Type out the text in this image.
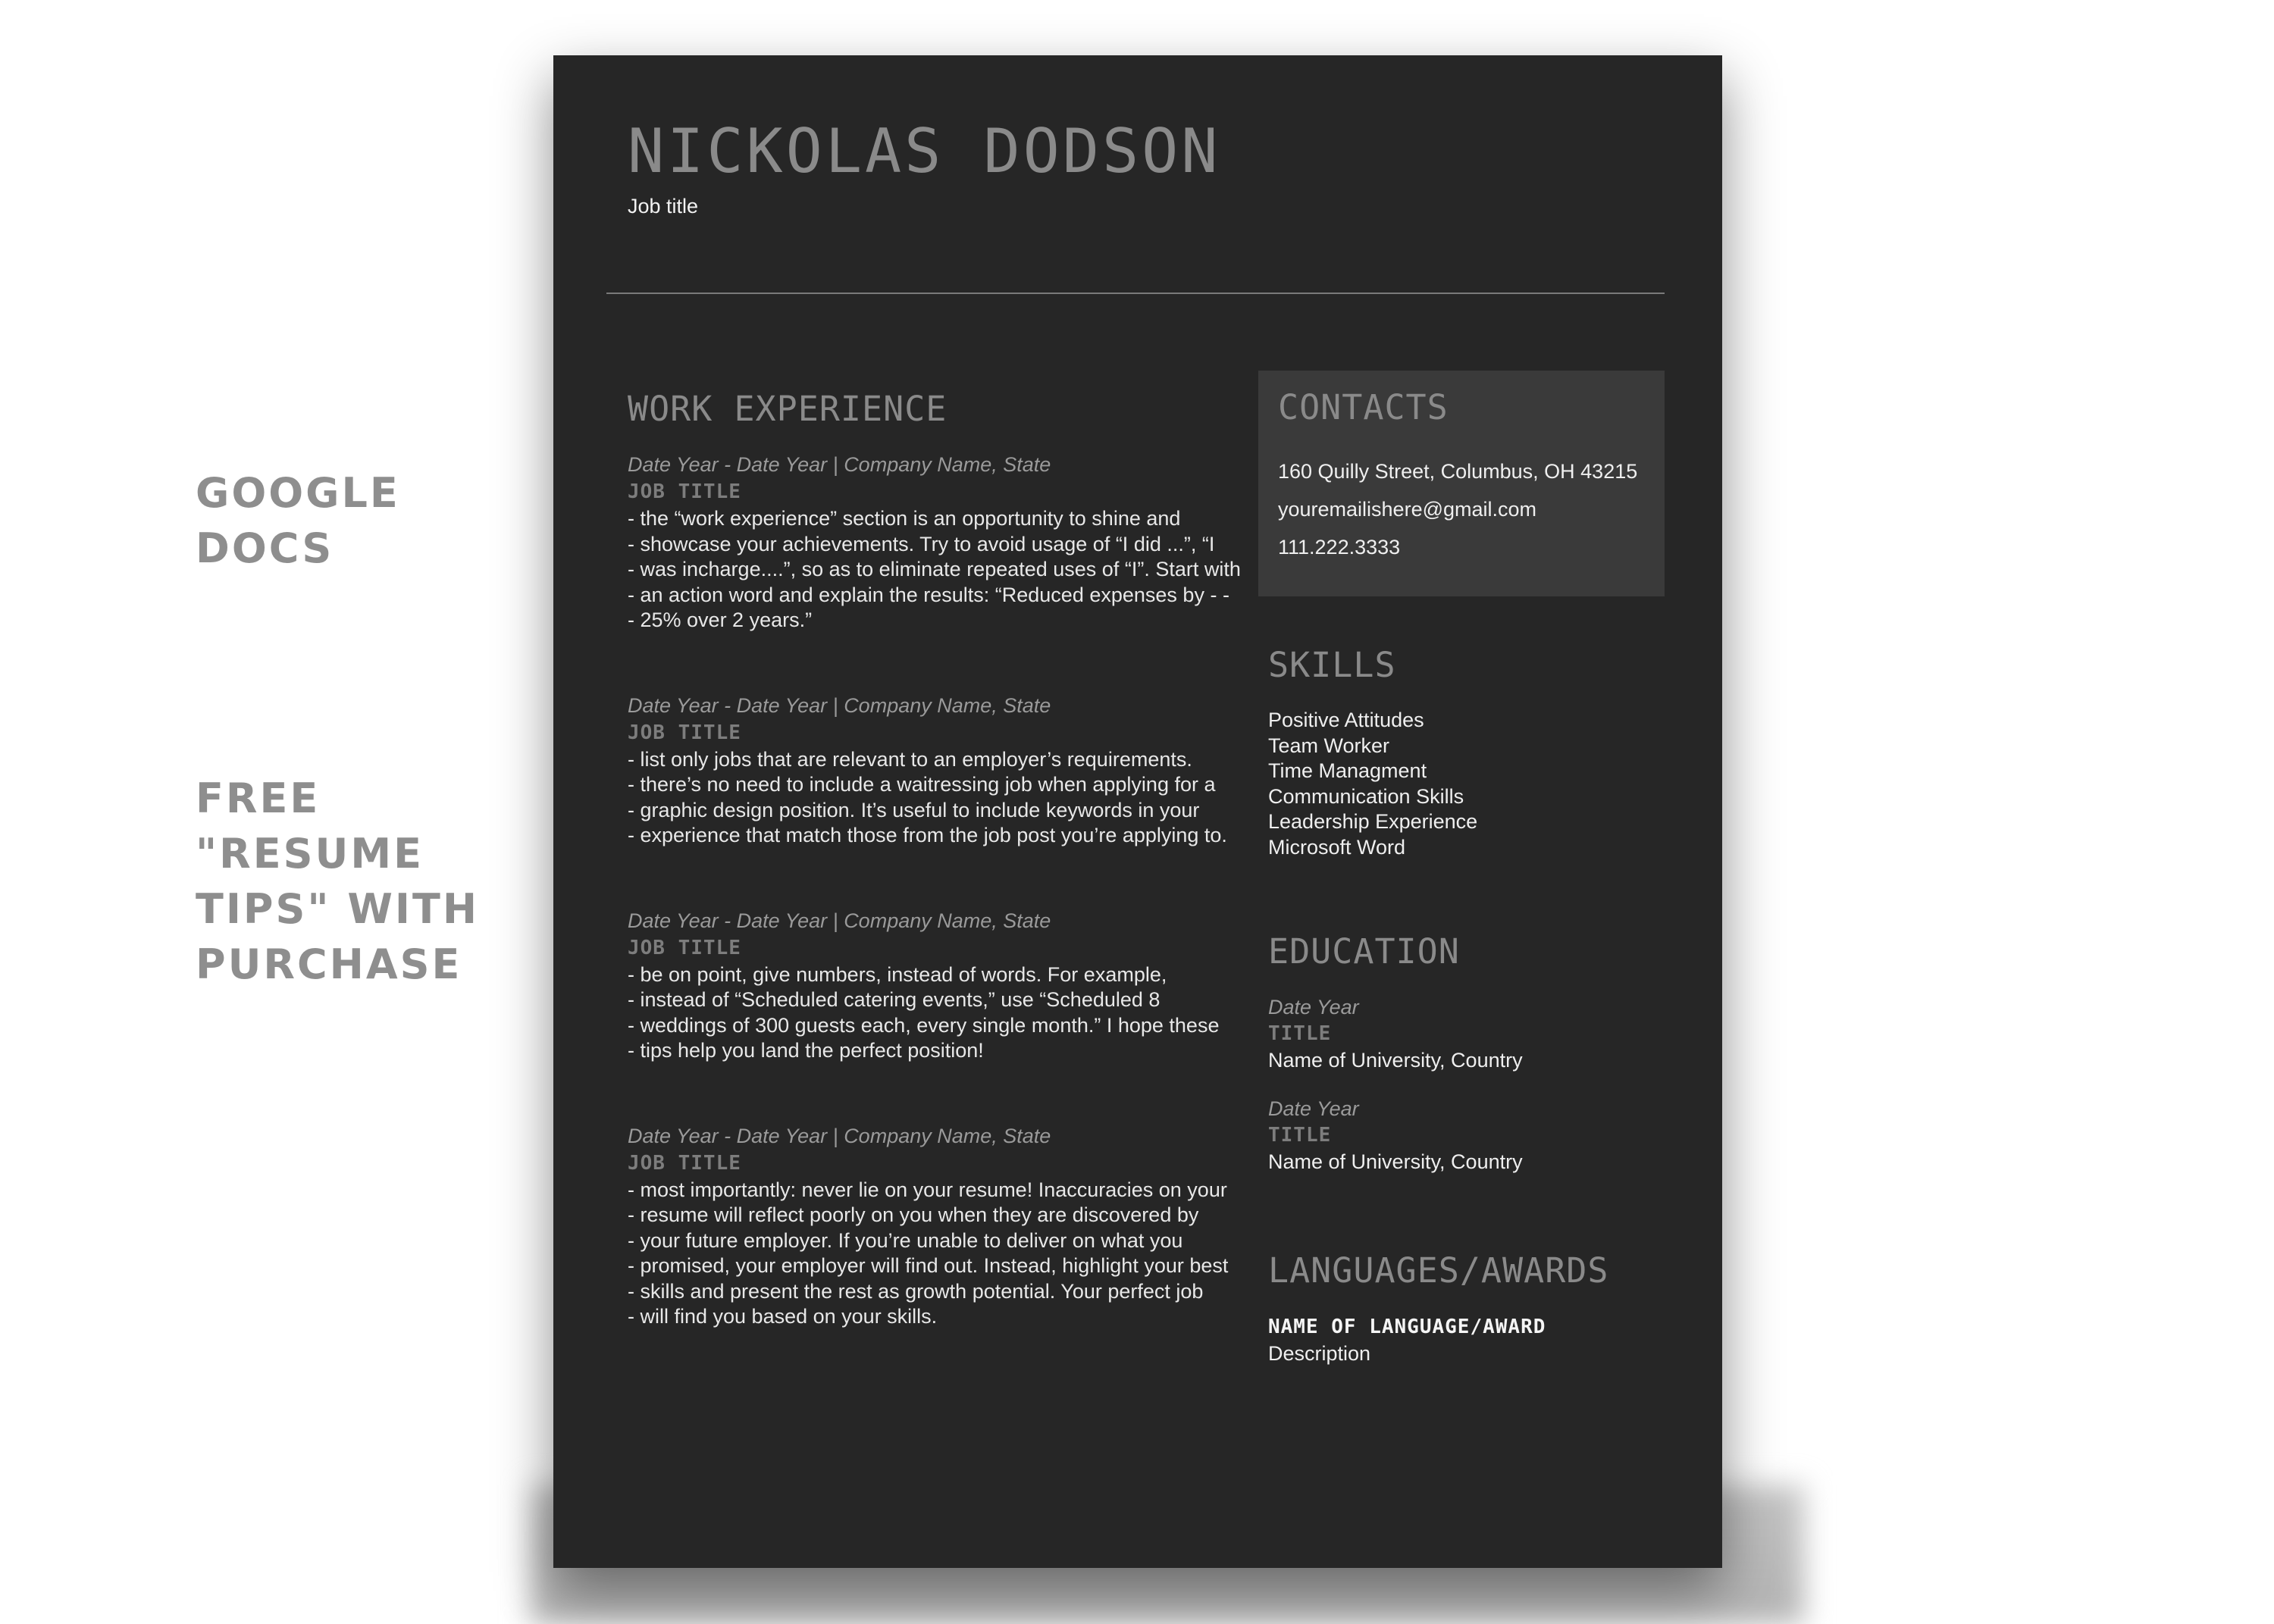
GOOGLE
DOCS
FREE
"RESUME
TIPS" WITH
PURCHASE
NICKOLAS DODSON
Job title
WORK EXPERIENCE
Date Year - Date Year | Company Name, State
JOB TITLE
- the “work experience” section is an opportunity to shine and
- showcase your achievements. Try to avoid usage of “I did ...”, “I
- was incharge....”, so as to eliminate repeated uses of “I”. Start with
- an action word and explain the results: “Reduced expenses by - -
- 25% over 2 years.”
Date Year - Date Year | Company Name, State
JOB TITLE
- list only jobs that are relevant to an employer’s requirements.
- there’s no need to include a waitressing job when applying for a
- graphic design position. It’s useful to include keywords in your
- experience that match those from the job post you’re applying to.
Date Year - Date Year | Company Name, State
JOB TITLE
- be on point, give numbers, instead of words. For example,
- instead of “Scheduled catering events,” use “Scheduled 8
- weddings of 300 guests each, every single month.” I hope these
- tips help you land the perfect position!
Date Year - Date Year | Company Name, State
JOB TITLE
- most importantly: never lie on your resume! Inaccuracies on your
- resume will reflect poorly on you when they are discovered by
- your future employer. If you’re unable to deliver on what you
- promised, your employer will find out. Instead, highlight your best
- skills and present the rest as growth potential. Your perfect job
- will find you based on your skills.
CONTACTS
160 Quilly Street, Columbus, OH 43215
youremailishere@gmail.com
111.222.3333
SKILLS
Positive Attitudes
Team Worker
Time Managment
Communication Skills
Leadership Experience
Microsoft Word
EDUCATION
Date Year
TITLE
Name of University, Country
Date Year
TITLE
Name of University, Country
LANGUAGES/AWARDS
NAME OF LANGUAGE/AWARD
Description
